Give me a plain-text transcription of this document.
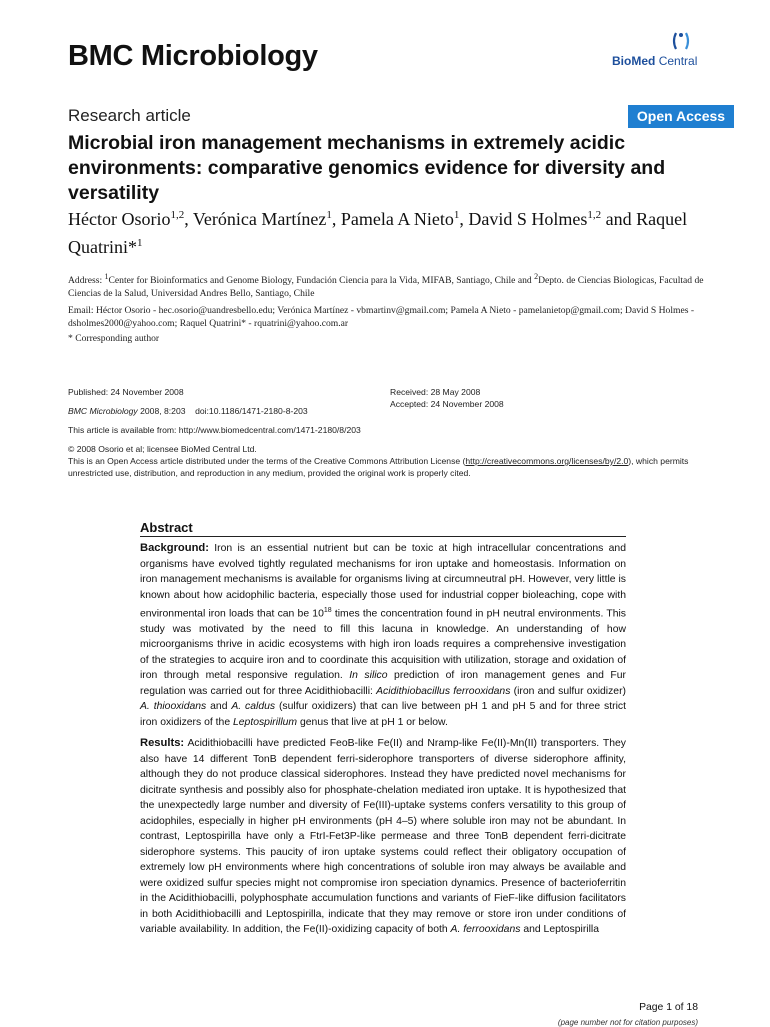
BMC Microbiology	BioMed Central
Research article	Open Access
Microbial iron management mechanisms in extremely acidic environments: comparative genomics evidence for diversity and versatility
Héctor Osorio$^{1,2}$, Verónica Martínez$^1$, Pamela A Nieto$^1$, David S Holmes$^{1,2}$ and Raquel Quatrini*$^1$
Address: $^1$Center for Bioinformatics and Genome Biology, Fundación Ciencia para la Vida, MIFAB, Santiago, Chile and $^2$Depto. de Ciencias Biologicas, Facultad de Ciencias de la Salud, Universidad Andres Bello, Santiago, Chile
Email: Héctor Osorio - hec.osorio@uandresbello.edu; Verónica Martínez - vbmartinv@gmail.com; Pamela A Nieto - pamelanietop@gmail.com; David S Holmes - dsholmes2000@yahoo.com; Raquel Quatrini* - rquatrini@yahoo.com.ar
* Corresponding author
Published: 24 November 2008
BMC Microbiology 2008, 8:203    doi:10.1186/1471-2180-8-203
Received: 28 May 2008
Accepted: 24 November 2008
This article is available from: http://www.biomedcentral.com/1471-2180/8/203
© 2008 Osorio et al; licensee BioMed Central Ltd.
This is an Open Access article distributed under the terms of the Creative Commons Attribution License (http://creativecommons.org/licenses/by/2.0), which permits unrestricted use, distribution, and reproduction in any medium, provided the original work is properly cited.
Abstract
Background: Iron is an essential nutrient but can be toxic at high intracellular concentrations and organisms have evolved tightly regulated mechanisms for iron uptake and homeostasis. Information on iron management mechanisms is available for organisms living at circumneutral pH. However, very little is known about how acidophilic bacteria, especially those used for industrial copper bioleaching, cope with environmental iron loads that can be $10^{18}$ times the concentration found in pH neutral environments. This study was motivated by the need to fill this lacuna in knowledge. An understanding of how microorganisms thrive in acidic ecosystems with high iron loads requires a comprehensive investigation of the strategies to acquire iron and to coordinate this acquisition with utilization, storage and oxidation of iron through metal responsive regulation. In silico prediction of iron management genes and Fur regulation was carried out for three Acidithiobacilli: Acidithiobacillus ferrooxidans (iron and sulfur oxidizer) A. thiooxidans and A. caldus (sulfur oxidizers) that can live between pH 1 and pH 5 and for three strict iron oxidizers of the Leptospirillum genus that live at pH 1 or below.
Results: Acidithiobacilli have predicted FeoB-like Fe(II) and Nramp-like Fe(II)-Mn(II) transporters. They also have 14 different TonB dependent ferri-siderophore transporters of diverse siderophore affinity, although they do not produce classical siderophores. Instead they have predicted novel mechanisms for dicitrate synthesis and possibly also for phosphate-chelation mediated iron uptake. It is hypothesized that the unexpectedly large number and diversity of Fe(III)-uptake systems confers versatility to this group of acidophiles, especially in higher pH environments (pH 4–5) where soluble iron may not be abundant. In contrast, Leptospirilla have only a FtrI-Fet3P-like permease and three TonB dependent ferri-dicitrate siderophore systems. This paucity of iron uptake systems could reflect their obligatory occupation of extremely low pH environments where high concentrations of soluble iron may always be available and were oxidized sulfur species might not compromise iron speciation dynamics. Presence of bacterioferritin in the Acidithiobacilli, polyphosphate accumulation functions and variants of FieF-like diffusion facilitators in both Acidithiobacilli and Leptospirilla, indicate that they may remove or store iron under conditions of variable availability. In addition, the Fe(II)-oxidizing capacity of both A. ferrooxidans and Leptospirilla
Page 1 of 18
(page number not for citation purposes)
